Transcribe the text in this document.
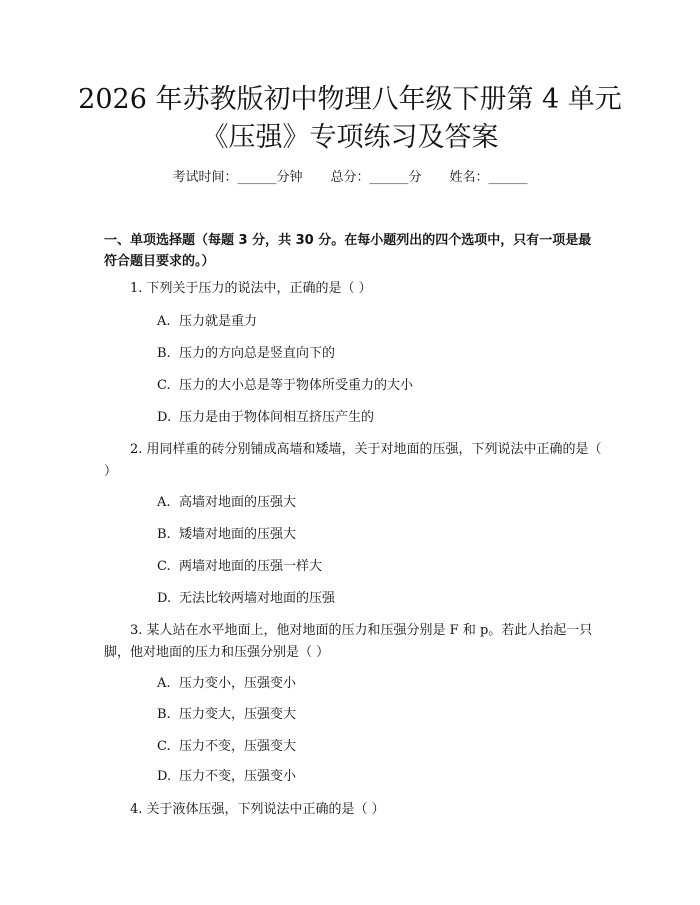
2026 年苏教版初中物理八年级下册第 4 单元
《压强》专项练习及答案
考试时间：______分钟 总分：______分 姓名：______

一、单项选择题（每题 3 分，共 30 分。在每小题列出的四个选项中，只有一项是最符合题目要求的。）

1. 下列关于压力的说法中，正确的是（ ）

A. 压力就是重力

B. 压力的方向总是竖直向下的

C. 压力的大小总是等于物体所受重力的大小

D. 压力是由于物体间相互挤压产生的

2. 用同样重的砖分别铺成高墙和矮墙，关于对地面的压强，下列说法中正确的是（ ）

A. 高墙对地面的压强大

B. 矮墙对地面的压强大

C. 两墙对地面的压强一样大

D. 无法比较两墙对地面的压强

3. 某人站在水平地面上，他对地面的压力和压强分别是 F 和 p。若此人抬起一只脚，他对地面的压力和压强分别是（ ）

A. 压力变小，压强变小

B. 压力变大，压强变大

C. 压力不变，压强变大

D. 压力不变，压强变小

4. 关于液体压强，下列说法中正确的是（ ）
